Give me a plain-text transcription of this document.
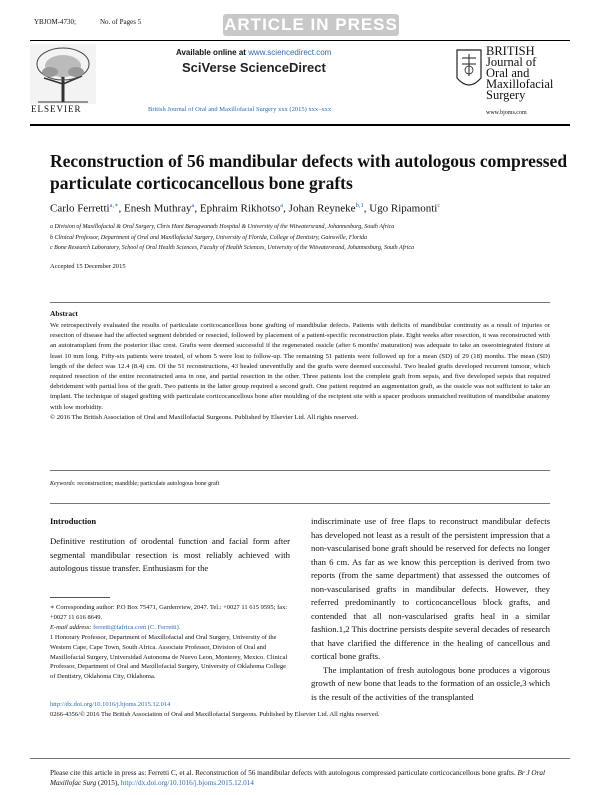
YBJOM-4730;	No. of Pages 5	ARTICLE IN PRESS
ELSEVIER
Available online at www.sciencedirect.com
SciVerse ScienceDirect
British Journal of Oral and Maxillofacial Surgery xxx (2015) xxx–xxx
BRITISH
Journal of
Oral and
Maxillofacial
Surgery
www.bjoms.com
Reconstruction of 56 mandibular defects with autologous compressed particulate corticocancellous bone grafts
Carlo Ferretti$^{a,∗}$, Enesh Muthray$^a$, Ephraim Rikhotso$^a$, Johan Reyneke$^{b,1}$, Ugo Ripamonti$^c$
a Division of Maxillofacial & Oral Surgery, Chris Hani Baragwanath Hospital & University of the Witwatersrand, Johannesburg, South Africa
b Clinical Professor, Department of Oral and Maxillofacial Surgery, University of Florida, College of Dentistry, Gainsville, Florida
c Bone Research Laboratory, School of Oral Health Sciences, Faculty of Health Sciences, University of the Witwatersrand, Johannesburg, South Africa
Accepted 15 December 2015
Abstract
We retrospectively evaluated the results of particulate corticocancellous bone grafting of mandibular defects. Patients with deficits of mandibular continuity as a result of injuries or resection of disease had the affected segment debrided or resected, followed by placement of a patient-specific reconstruction plate. Eight weeks after resection, it was reconstructed with an autotransplant from the posterior iliac crest. Grafts were deemed successful if the regenerated ossicle (after 6 months' maturation) was adequate to take an osseointegrated fixture at least 10 mm long. Fifty-six patients were treated, of whom 5 were lost to follow-up. The remaining 51 patients were followed up for a mean (SD) of 29 (18) months. The mean (SD) length of the defect was 12.4 (8.4) cm. Of the 51 reconstructions, 43 healed uneventfully and the grafts were deemed successful. Two healed grafts developed recurrent tumour, which required resection of the entire reconstructed area in one, and partial resection in the other. Three patients lost the complete graft from sepsis, and five developed sepsis that required debridement with partial loss of the graft. Two patients in the latter group required a second graft. One patient required an augmentation graft, as the ossicle was not sufficient to take an implant. The technique of staged grafting with particulate corticocancellous bone after moulding of the recipient site with a spacer produces unmatched restitution of mandibular anatomy with low morbidity.
© 2016 The British Association of Oral and Maxillofacial Surgeons. Published by Elsevier Ltd. All rights reserved.
Keywords: reconstruction; mandible; particulate autologous bone graft
Introduction

Definitive restitution of orodental function and facial form after segmental mandibular resection is most reliably achieved with autologous tissue transfer. Enthusiasm for the

∗ Corresponding author: P.O Box 75471, Gardenview, 2047. Tel.: +0027 11 615 9595; fax: +0027 11 616 8649.

E-mail address: ferretti@iafrica.com (C. Ferretti).

1 Honorary Professor, Department of Maxillofacial and Oral Surgery, University of the Western Cape, Cape Town, South Africa. Associate Professor, Division of Oral and Maxillofacial Surgery, Universidad Autonoma de Nuevo Leon, Monterey, Mexico. Clinical Professor, Department of Oral and Maxillofacial Surgery, University of Oklahoma College of Dentistry, Oklahoma City, Oklahoma.

indiscriminate use of free flaps to reconstruct mandibular defects has developed not least as a result of the persistent impression that a non-vascularised bone graft should be reserved for defects no longer than 6 cm. As far as we know this perception is derived from two reports (from the same department) that assessed the outcomes of non-vascularised grafts in mandibular defects. However, they referred predominantly to corticocancellous block grafts, and contended that all non-vascularised grafts heal in a similar fashion.1,2 This doctrine persists despite several decades of research that have clarified the difference in the healing of cancellous and cortical bone grafts.

The implantation of fresh autologous bone produces a vigorous growth of new bone that leads to the formation of an ossicle,3 which is the result of the activities of the transplanted

http://dx.doi.org/10.1016/j.bjoms.2015.12.014
0266-4356/© 2016 The British Association of Oral and Maxillofacial Surgeons. Published by Elsevier Ltd. All rights reserved.
Please cite this article in press as: Ferretti C, et al. Reconstruction of 56 mandibular defects with autologous compressed particulate corticocancellous bone grafts. Br J Oral Maxillofac Surg (2015), http://dx.doi.org/10.1016/j.bjoms.2015.12.014
